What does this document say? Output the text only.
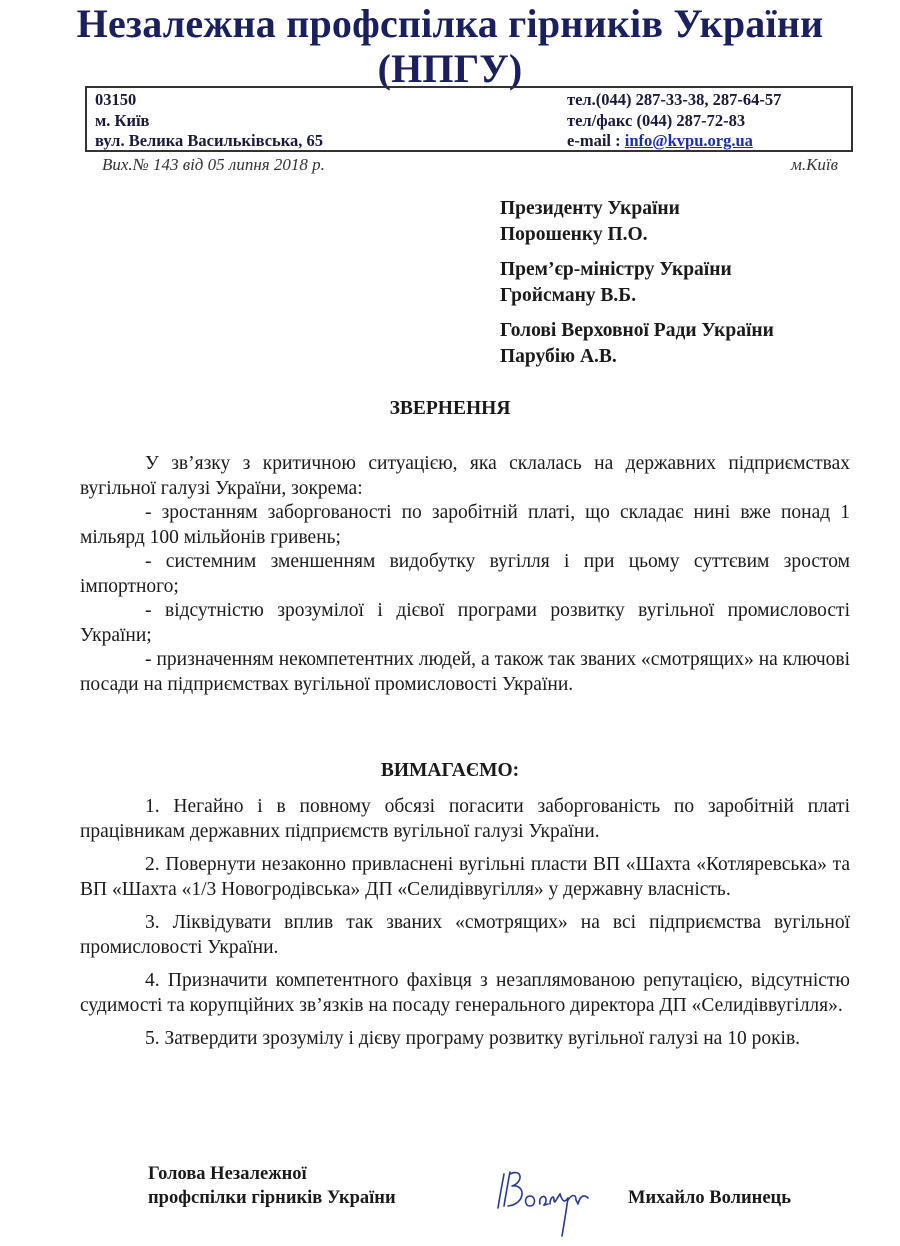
Незалежна профспілка гірників України
(НПГУ)
03150
м. Київ
вул. Велика Васильківська, 65
тел.(044) 287-33-38, 287-64-57
тел/факс (044) 287-72-83
e-mail : info@kvpu.org.ua
Вих.№ 143 від 05 липня 2018 р.	м.Київ
Президенту України
Порошенку П.О.
Прем’єр-міністру України
Гройсману В.Б.
Голові Верховної Ради України
Парубію А.В.
ЗВЕРНЕННЯ

У зв’язку з критичною ситуацією, яка склалась на державних підприємствах вугільної галузі України, зокрема:

- зростанням заборгованості по заробітній платі, що складає нині вже понад 1 мільярд 100 мільйонів гривень;

- системним зменшенням видобутку вугілля і при цьому суттєвим зростом імпортного;

- відсутністю зрозумілої і дієвої програми розвитку вугільної промисловості України;

- призначенням некомпетентних людей, а також так званих «смотрящих» на ключові посади на підприємствах вугільної промисловості України.

ВИМАГАЄМО:

1. Негайно і в повному обсязі погасити заборгованість по заробітній платі працівникам державних підприємств вугільної галузі України.

2. Повернути незаконно привласнені вугільні пласти ВП «Шахта «Котляревська» та ВП «Шахта «1/3 Новогродівська» ДП «Селидіввугілля» у державну власність.

3. Ліквідувати вплив так званих «смотрящих» на всі підприємства вугільної промисловості України.

4. Призначити компетентного фахівця з незаплямованою репутацією, відсутністю судимості та корупційних зв’язків на посаду генерального директора ДП «Селидіввугілля».

5. Затвердити зрозумілу і дієву програму розвитку вугільної галузі на 10 років.

Голова Незалежної
профспілки гірників України	Михайло Волинець
